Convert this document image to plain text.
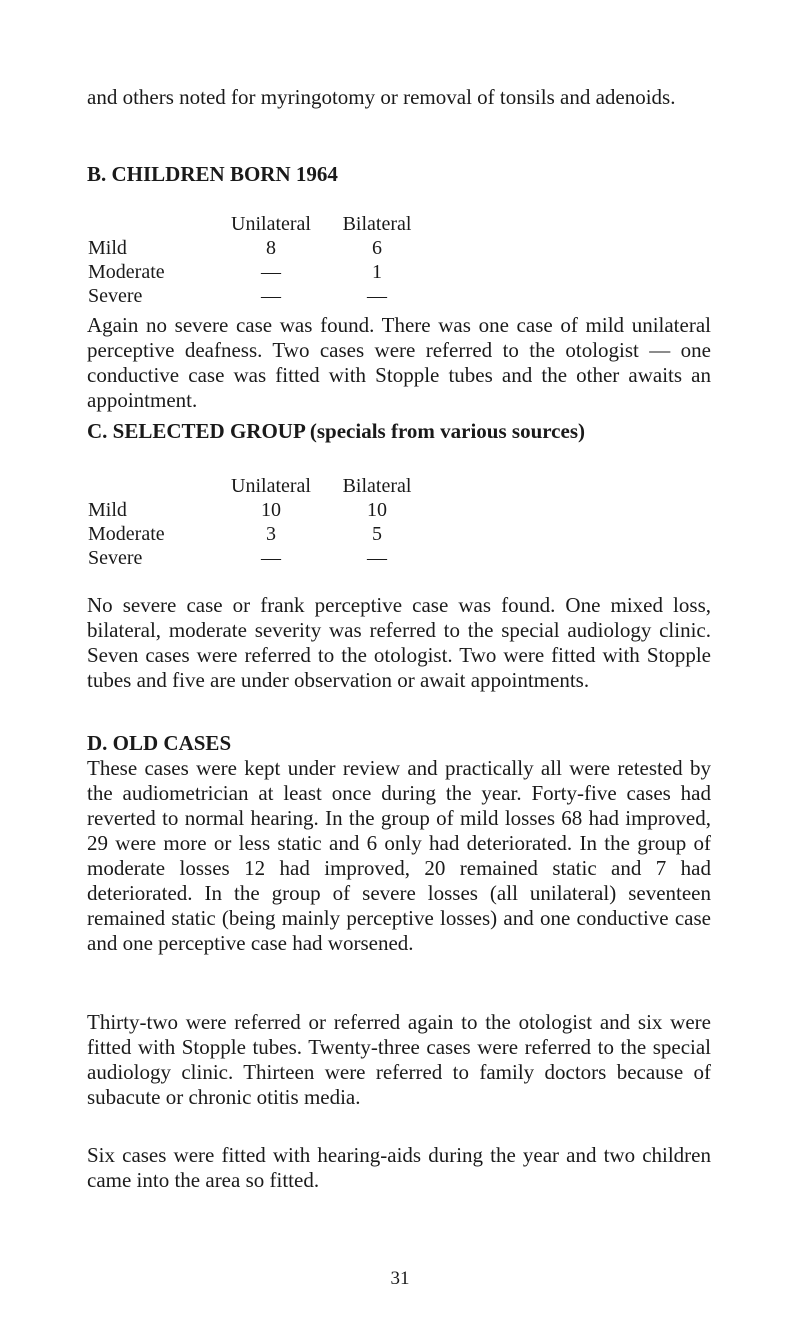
and others noted for myringotomy or removal of tonsils and adenoids.

B. CHILDREN BORN 1964
	Unilateral	Bilateral
Mild	8	6
Moderate	—	1
Severe	—	—

Again no severe case was found. There was one case of mild unilateral perceptive deafness. Two cases were referred to the otologist — one conductive case was fitted with Stopple tubes and the other awaits an appointment.

C. SELECTED GROUP (specials from various sources)
	Unilateral	Bilateral
Mild	10	10
Moderate	3	5
Severe	—	—

No severe case or frank perceptive case was found. One mixed loss, bilateral, moderate severity was referred to the special audiology clinic. Seven cases were referred to the otologist. Two were fitted with Stopple tubes and five are under observation or await appointments.

D. OLD CASES

These cases were kept under review and practically all were retested by the audiometrician at least once during the year. Forty-five cases had reverted to normal hearing. In the group of mild losses 68 had improved, 29 were more or less static and 6 only had deteriorated. In the group of moderate losses 12 had improved, 20 remained static and 7 had deteriorated. In the group of severe losses (all unilateral) seventeen remained static (being mainly perceptive losses) and one conductive case and one perceptive case had worsened.

Thirty-two were referred or referred again to the otologist and six were fitted with Stopple tubes. Twenty-three cases were referred to the special audiology clinic. Thirteen were referred to family doctors because of subacute or chronic otitis media.

Six cases were fitted with hearing-aids during the year and two children came into the area so fitted.

31
